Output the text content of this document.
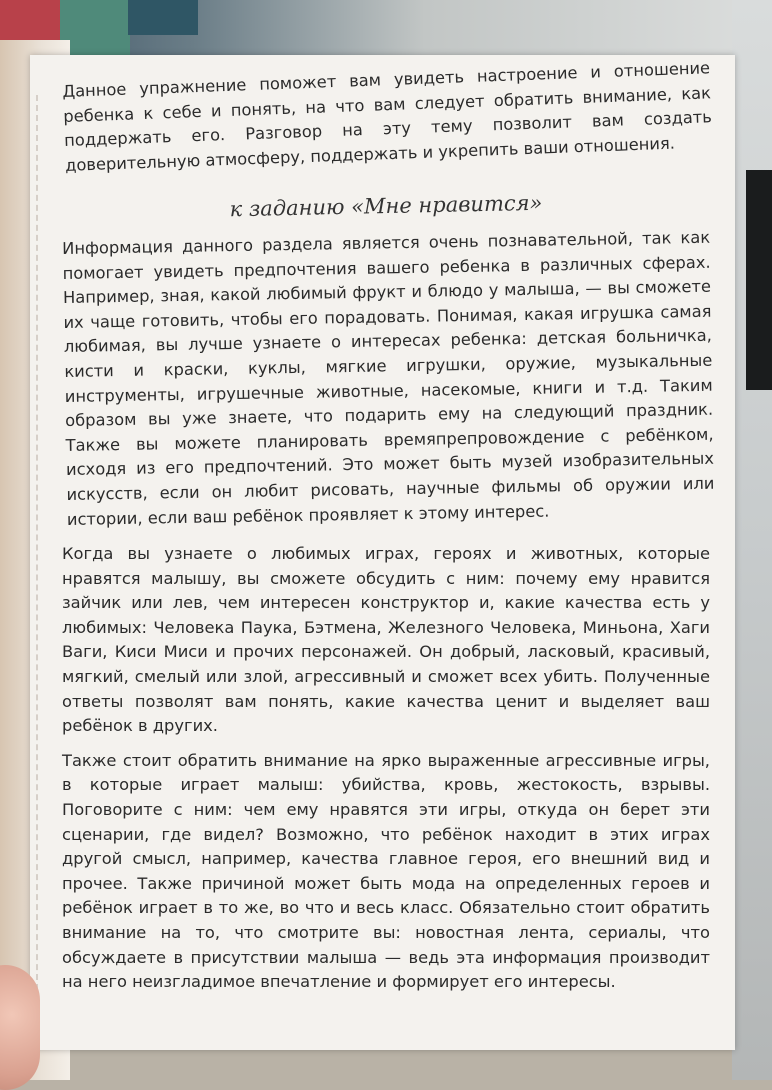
Данное упражнение поможет вам увидеть настроение и отношение ребенка к себе и понять, на что вам следует обратить внимание, как поддержать его. Разговор на эту тему позволит вам создать доверительную атмосферу, поддержать и укрепить ваши отношения.

к заданию «Мне нравится»

Информация данного раздела является очень познавательной, так как помогает увидеть предпочтения вашего ребенка в различных сферах. Например, зная, какой любимый фрукт и блюдо у малыша, — вы сможете их чаще готовить, чтобы его порадовать. Понимая, какая игрушка самая любимая, вы лучше узнаете о интересах ребенка: детская больничка, кисти и краски, куклы, мягкие игрушки, оружие, музыкальные инструменты, игрушечные животные, насекомые, книги и т.д. Таким образом вы уже знаете, что подарить ему на следующий праздник. Также вы можете планировать времяпрепровождение с ребёнком, исходя из его предпочтений. Это может быть музей изобразительных искусств, если он любит рисовать, научные фильмы об оружии или истории, если ваш ребёнок проявляет к этому интерес.

Когда вы узнаете о любимых играх, героях и животных, которые нравятся малышу, вы сможете обсудить с ним: почему ему нравится зайчик или лев, чем интересен конструктор и, какие качества есть у любимых: Человека Паука, Бэтмена, Железного Человека, Миньона, Хаги Ваги, Киси Миси и прочих персонажей. Он добрый, ласковый, красивый, мягкий, смелый или злой, агрессивный и сможет всех убить. Полученные ответы позволят вам понять, какие качества ценит и выделяет ваш ребёнок в других.

Также стоит обратить внимание на ярко выраженные агрессивные игры, в которые играет малыш: убийства, кровь, жестокость, взрывы. Поговорите с ним: чем ему нравятся эти игры, откуда он берет эти сценарии, где видел? Возможно, что ребёнок находит в этих играх другой смысл, например, качества главное героя, его внешний вид и прочее. Также причиной может быть мода на определенных героев и ребёнок играет в то же, во что и весь класс. Обязательно стоит обратить внимание на то, что смотрите вы: новостная лента, сериалы, что обсуждаете в присутствии малыша — ведь эта информация производит на него неизгладимое впечатление и формирует его интересы.
